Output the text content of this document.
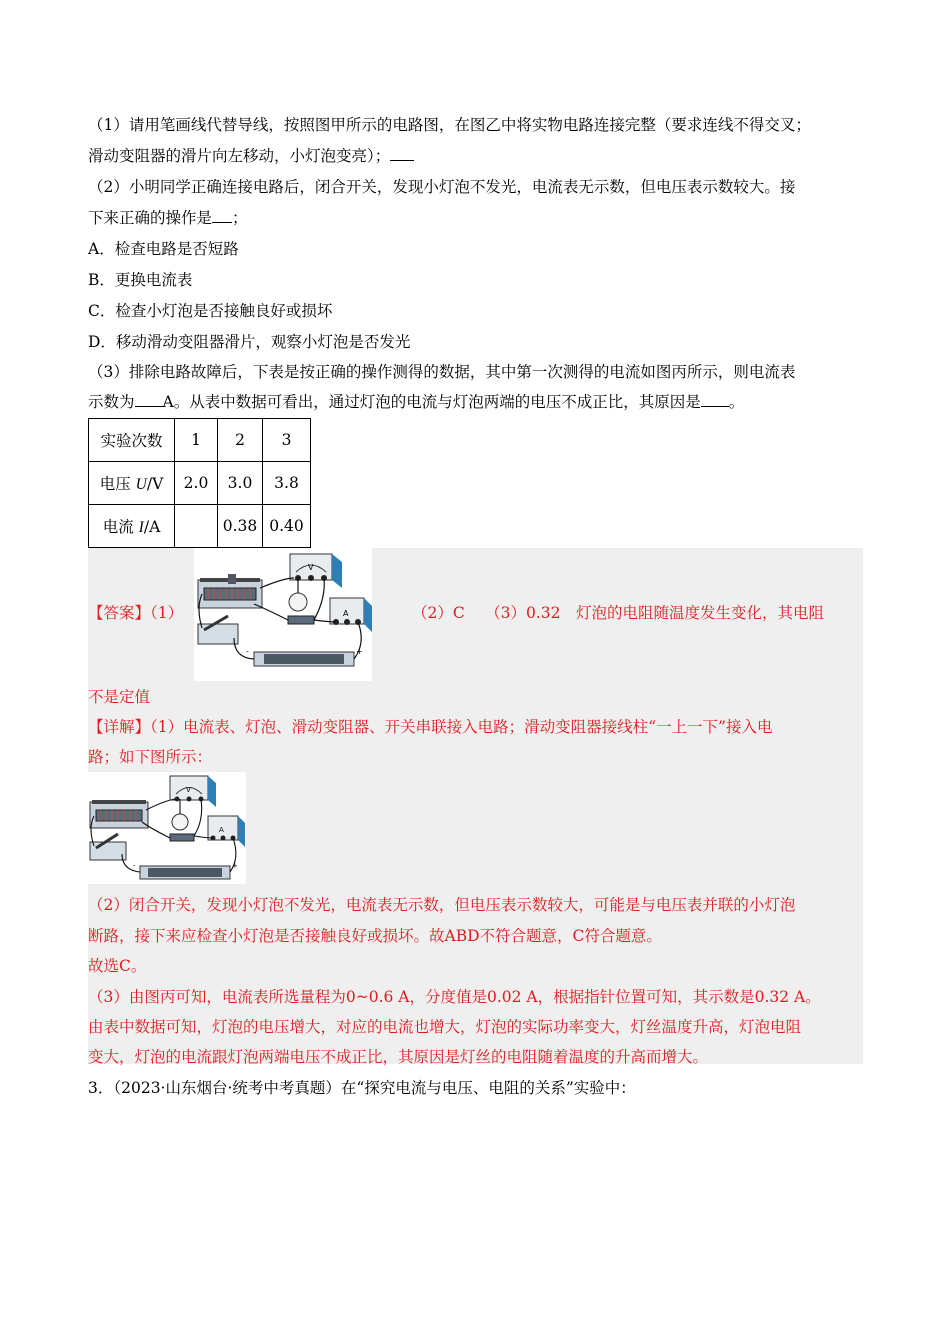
（1）请用笔画线代替导线，按照图甲所示的电路图，在图乙中将实物电路连接完整（要求连线不得交叉；
滑动变阻器的滑片向左移动，小灯泡变亮）；
（2）小明同学正确连接电路后，闭合开关，发现小灯泡不发光，电流表无示数，但电压表示数较大。接
下来正确的操作是 ；
A．检查电路是否短路
B．更换电流表
C．检查小灯泡是否接触良好或损坏
D．移动滑动变阻器滑片，观察小灯泡是否发光
（3）排除电路故障后，下表是按正确的操作测得的数据，其中第一次测得的电流如图丙所示，则电流表
示数为 A。从表中数据可看出，通过灯泡的电流与灯泡两端的电压不成正比，其原因是 。
实验次数	1	2	3
电压 U/V	2.0	3.0	3.8
电流 I/A		0.38	0.40
【答案】（1）	（2）C　 （3）0.32　灯泡的电阻随温度发生变化，其电阻
不是定值
V
A
-	+
【详解】（1）电流表、灯泡、滑动变阻器、开关串联接入电路；滑动变阻器接线柱“一上一下”接入电
路；如下图所示：
V
A
-	+
（2）闭合开关，发现小灯泡不发光，电流表无示数，但电压表示数较大，可能是与电压表并联的小灯泡
断路，接下来应检查小灯泡是否接触良好或损坏。故ABD不符合题意，C符合题意。
故选C。
（3）由图丙可知，电流表所选量程为0~0.6 A，分度值是0.02 A，根据指针位置可知，其示数是0.32 A。
由表中数据可知，灯泡的电压增大，对应的电流也增大，灯泡的实际功率变大，灯丝温度升高，灯泡电阻
变大，灯泡的电流跟灯泡两端电压不成正比，其原因是灯丝的电阻随着温度的升高而增大。
3．（2023·山东烟台·统考中考真题）在“探究电流与电压、电阻的关系”实验中：
